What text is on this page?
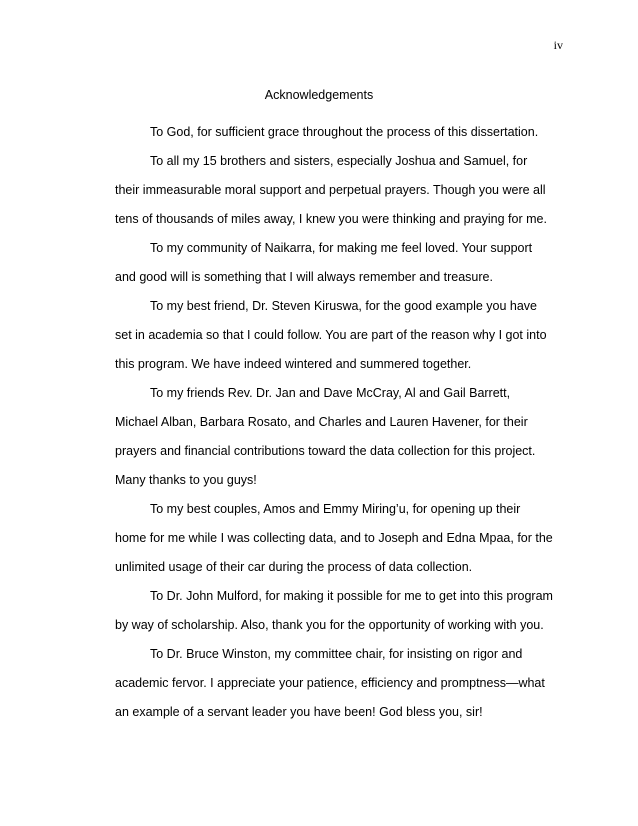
iv
Acknowledgements

To God, for sufficient grace throughout the process of this dissertation.

To all my 15 brothers and sisters, especially Joshua and Samuel, for their immeasurable moral support and perpetual prayers. Though you were all tens of thousands of miles away, I knew you were thinking and praying for me.

To my community of Naikarra, for making me feel loved. Your support and good will is something that I will always remember and treasure.

To my best friend, Dr. Steven Kiruswa, for the good example you have set in academia so that I could follow. You are part of the reason why I got into this program. We have indeed wintered and summered together.

To my friends Rev. Dr. Jan and Dave McCray, Al and Gail Barrett, Michael Alban, Barbara Rosato, and Charles and Lauren Havener, for their prayers and financial contributions toward the data collection for this project. Many thanks to you guys!

To my best couples, Amos and Emmy Miring’u, for opening up their home for me while I was collecting data, and to Joseph and Edna Mpaa, for the unlimited usage of their car during the process of data collection.

To Dr. John Mulford, for making it possible for me to get into this program by way of scholarship. Also, thank you for the opportunity of working with you.

To Dr. Bruce Winston, my committee chair, for insisting on rigor and academic fervor. I appreciate your patience, efficiency and promptness—what an example of a servant leader you have been! God bless you, sir!
